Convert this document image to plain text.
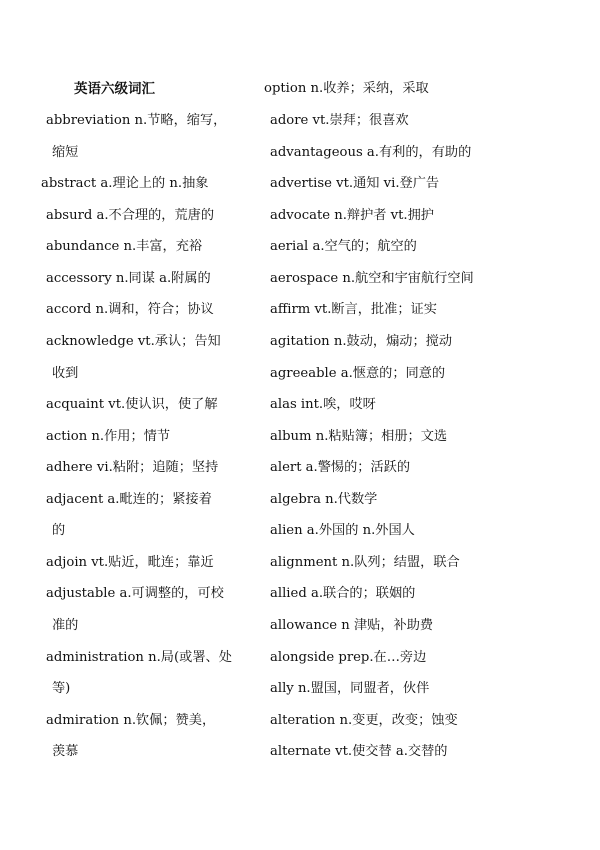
英语六级词汇
abbreviation n.节略，缩写，
缩短
abstract a.理论上的 n.抽象
absurd a.不合理的，荒唐的
abundance n.丰富，充裕
accessory n.同谋 a.附属的
accord n.调和，符合；协议
acknowledge vt.承认；告知
收到
acquaint vt.使认识，使了解
action n.作用；情节
adhere vi.粘附；追随；坚持
adjacent a.毗连的；紧接着
的
adjoin vt.贴近，毗连；靠近
adjustable a.可调整的，可校
准的
administration n.局(或署、处
等)
admiration n.钦佩；赞美，
羡慕
option n.收养；采纳，采取
adore vt.崇拜；很喜欢
advantageous a.有利的，有助的
advertise vt.通知 vi.登广告
advocate n.辩护者 vt.拥护
aerial a.空气的；航空的
aerospace n.航空和宇宙航行空间
affirm vt.断言，批准；证实
agitation n.鼓动，煽动；搅动
agreeable a.惬意的；同意的
alas int.唉，哎呀
album n.粘贴簿；相册；文选
alert a.警惕的；活跃的
algebra n.代数学
alien a.外国的 n.外国人
alignment n.队列；结盟，联合
allied a.联合的；联姻的
allowance n 津贴，补助费
alongside prep.在…旁边
ally n.盟国，同盟者，伙伴
alteration n.变更，改变；蚀变
alternate vt.使交替 a.交替的
